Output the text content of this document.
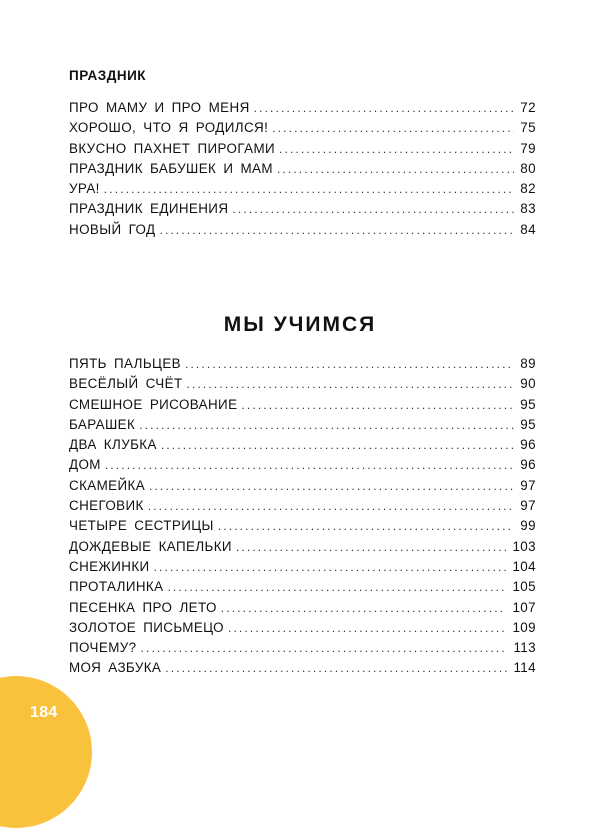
ПРАЗДНИК
ПРО МАМУ И ПРО МЕНЯ . . .	72
ХОРОШО, ЧТО Я РОДИЛСЯ! . . .	75
ВКУСНО ПАХНЕТ ПИРОГАМИ . . .	79
ПРАЗДНИК БАБУШЕК И МАМ . . .	80
УРА! . . .	82
ПРАЗДНИК ЕДИНЕНИЯ . . .	83
НОВЫЙ ГОД . . .	84
МЫ УЧИМСЯ
ПЯТЬ ПАЛЬЦЕВ . . .	89
ВЕСЁЛЫЙ СЧЁТ . . .	90
СМЕШНОЕ РИСОВАНИЕ . . .	95
БАРАШЕК . . .	95
ДВА КЛУБКА . . .	96
ДОМ . . .	96
СКАМЕЙКА . . .	97
СНЕГОВИК . . .	97
ЧЕТЫРЕ СЕСТРИЦЫ . . .	99
ДОЖДЕВЫЕ КАПЕЛЬКИ . . .	103
СНЕЖИНКИ . . .	104
ПРОТАЛИНКА . . .	105
ПЕСЕНКА ПРО ЛЕТО . . .	107
ЗОЛОТОЕ ПИСЬМЕЦО . . .	109
ПОЧЕМУ? . . .	113
МОЯ АЗБУКА . . .	114
184
